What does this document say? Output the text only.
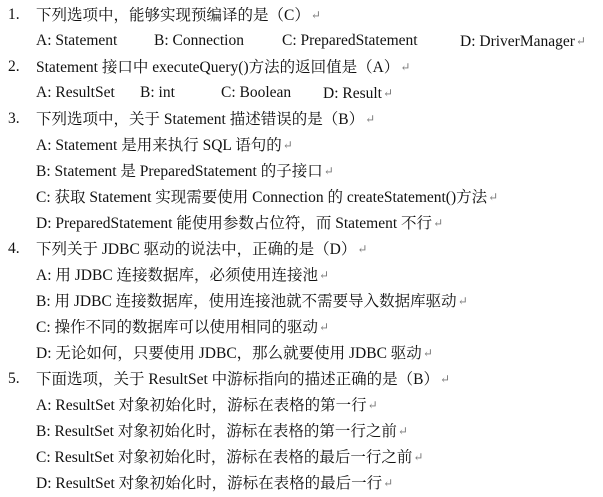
1.	下列选项中，能够实现预编译的是（C）↵
A: Statement B: Connection C: PreparedStatement	D: DriverManager↵
2.	Statement 接口中 executeQuery()方法的返回值是（A）↵
A: ResultSet B: int	C: Boolean D: Result↵
3.	下列选项中，关于 Statement 描述错误的是（B）↵
A: Statement 是用来执行 SQL 语句的↵
B: Statement 是 PreparedStatement 的子接口↵
C: 获取 Statement 实现需要使用 Connection 的 createStatement()方法↵
D: PreparedStatement 能使用参数占位符，而 Statement 不行↵
4.	下列关于 JDBC 驱动的说法中，正确的是（D）↵
A: 用 JDBC 连接数据库，必须使用连接池↵
B: 用 JDBC 连接数据库，使用连接池就不需要导入数据库驱动↵
C: 操作不同的数据库可以使用相同的驱动↵
D: 无论如何，只要使用 JDBC，那么就要使用 JDBC 驱动↵
5.	下面选项，关于 ResultSet 中游标指向的描述正确的是（B）↵
A: ResultSet 对象初始化时，游标在表格的第一行↵
B: ResultSet 对象初始化时，游标在表格的第一行之前↵
C: ResultSet 对象初始化时，游标在表格的最后一行之前↵
D: ResultSet 对象初始化时，游标在表格的最后一行↵
